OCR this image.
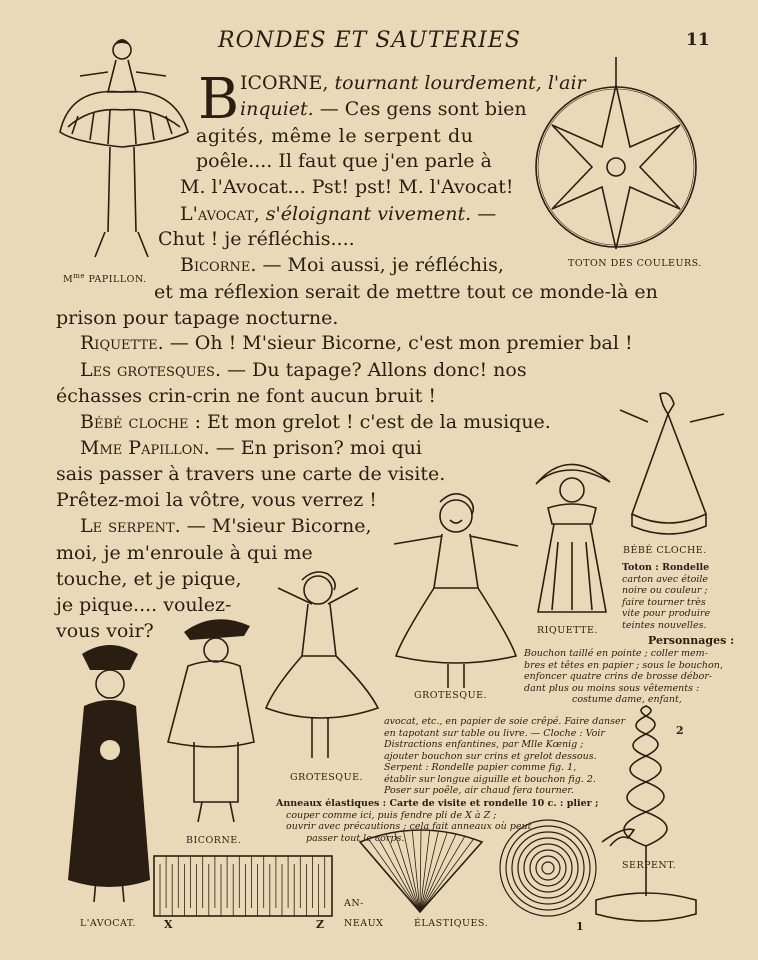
RONDES ET SAUTERIES	11
$M^{me}$ PAPILLON.
TOTON DES COULEURS.
B ICORNE, tournant lourdement, l'air
inquiet. — Ces gens sont bien
agités, même le serpent du
poêle.... Il faut que j'en parle à
M. l'Avocat... Pst! pst! M. l'Avocat!
L'avocat, s'éloignant vivement. —
Chut ! je réfléchis....
Bicorne. — Moi aussi, je réfléchis,
et ma réflexion serait de mettre tout ce monde-là en
prison pour tapage nocturne.
Riquette. — Oh ! M'sieur Bicorne, c'est mon premier bal !
Les grotesques. — Du tapage? Allons donc! nos
échasses crin-crin ne font aucun bruit !
Bébé cloche : Et mon grelot ! c'est de la musique.
Mme Papillon. — En prison? moi qui
sais passer à travers une carte de visite.
Prêtez-moi la vôtre, vous verrez !
Le serpent. — M'sieur Bicorne,
moi, je m'enroule à qui me
touche, et je pique,
je pique.... voulez-
vous voir?
BÉBÉ CLOCHE.
RIQUETTE.
Toton : Rondelle
carton avec étoile
noire ou couleur ;
faire tourner très
vite pour produire
teintes nouvelles.
Personnages :
Bouchon taillé en pointe ; coller mem-
bres et têtes en papier ; sous le bouchon,
enfoncer quatre crins de brosse débor-
dant plus ou moins sous vêtements :
costume dame, enfant,
avocat, etc., en papier de soie crêpé. Faire danser
en tapotant sur table ou livre. — Cloche : Voir
Distractions enfantines, par Mlle Kœnig ;
ajouter bouchon sur crins et grelot dessous.
Serpent : Rondelle papier comme fig. 1,
établir sur longue aiguille et bouchon fig. 2.
Poser sur poêle, air chaud fera tourner.
GROTESQUE.
GROTESQUE.
BICORNE.
L'AVOCAT.
SERPENT.
2
Anneaux élastiques : Carte de visite et rondelle 10 c. : plier ;
couper comme ici, puis fendre pli de X à Z ;
ouvrir avec précautions ; cela fait anneaux où peut
passer tout le corps.
X	Z
AN-
NEAUX	ÉLASTIQUES.	1
